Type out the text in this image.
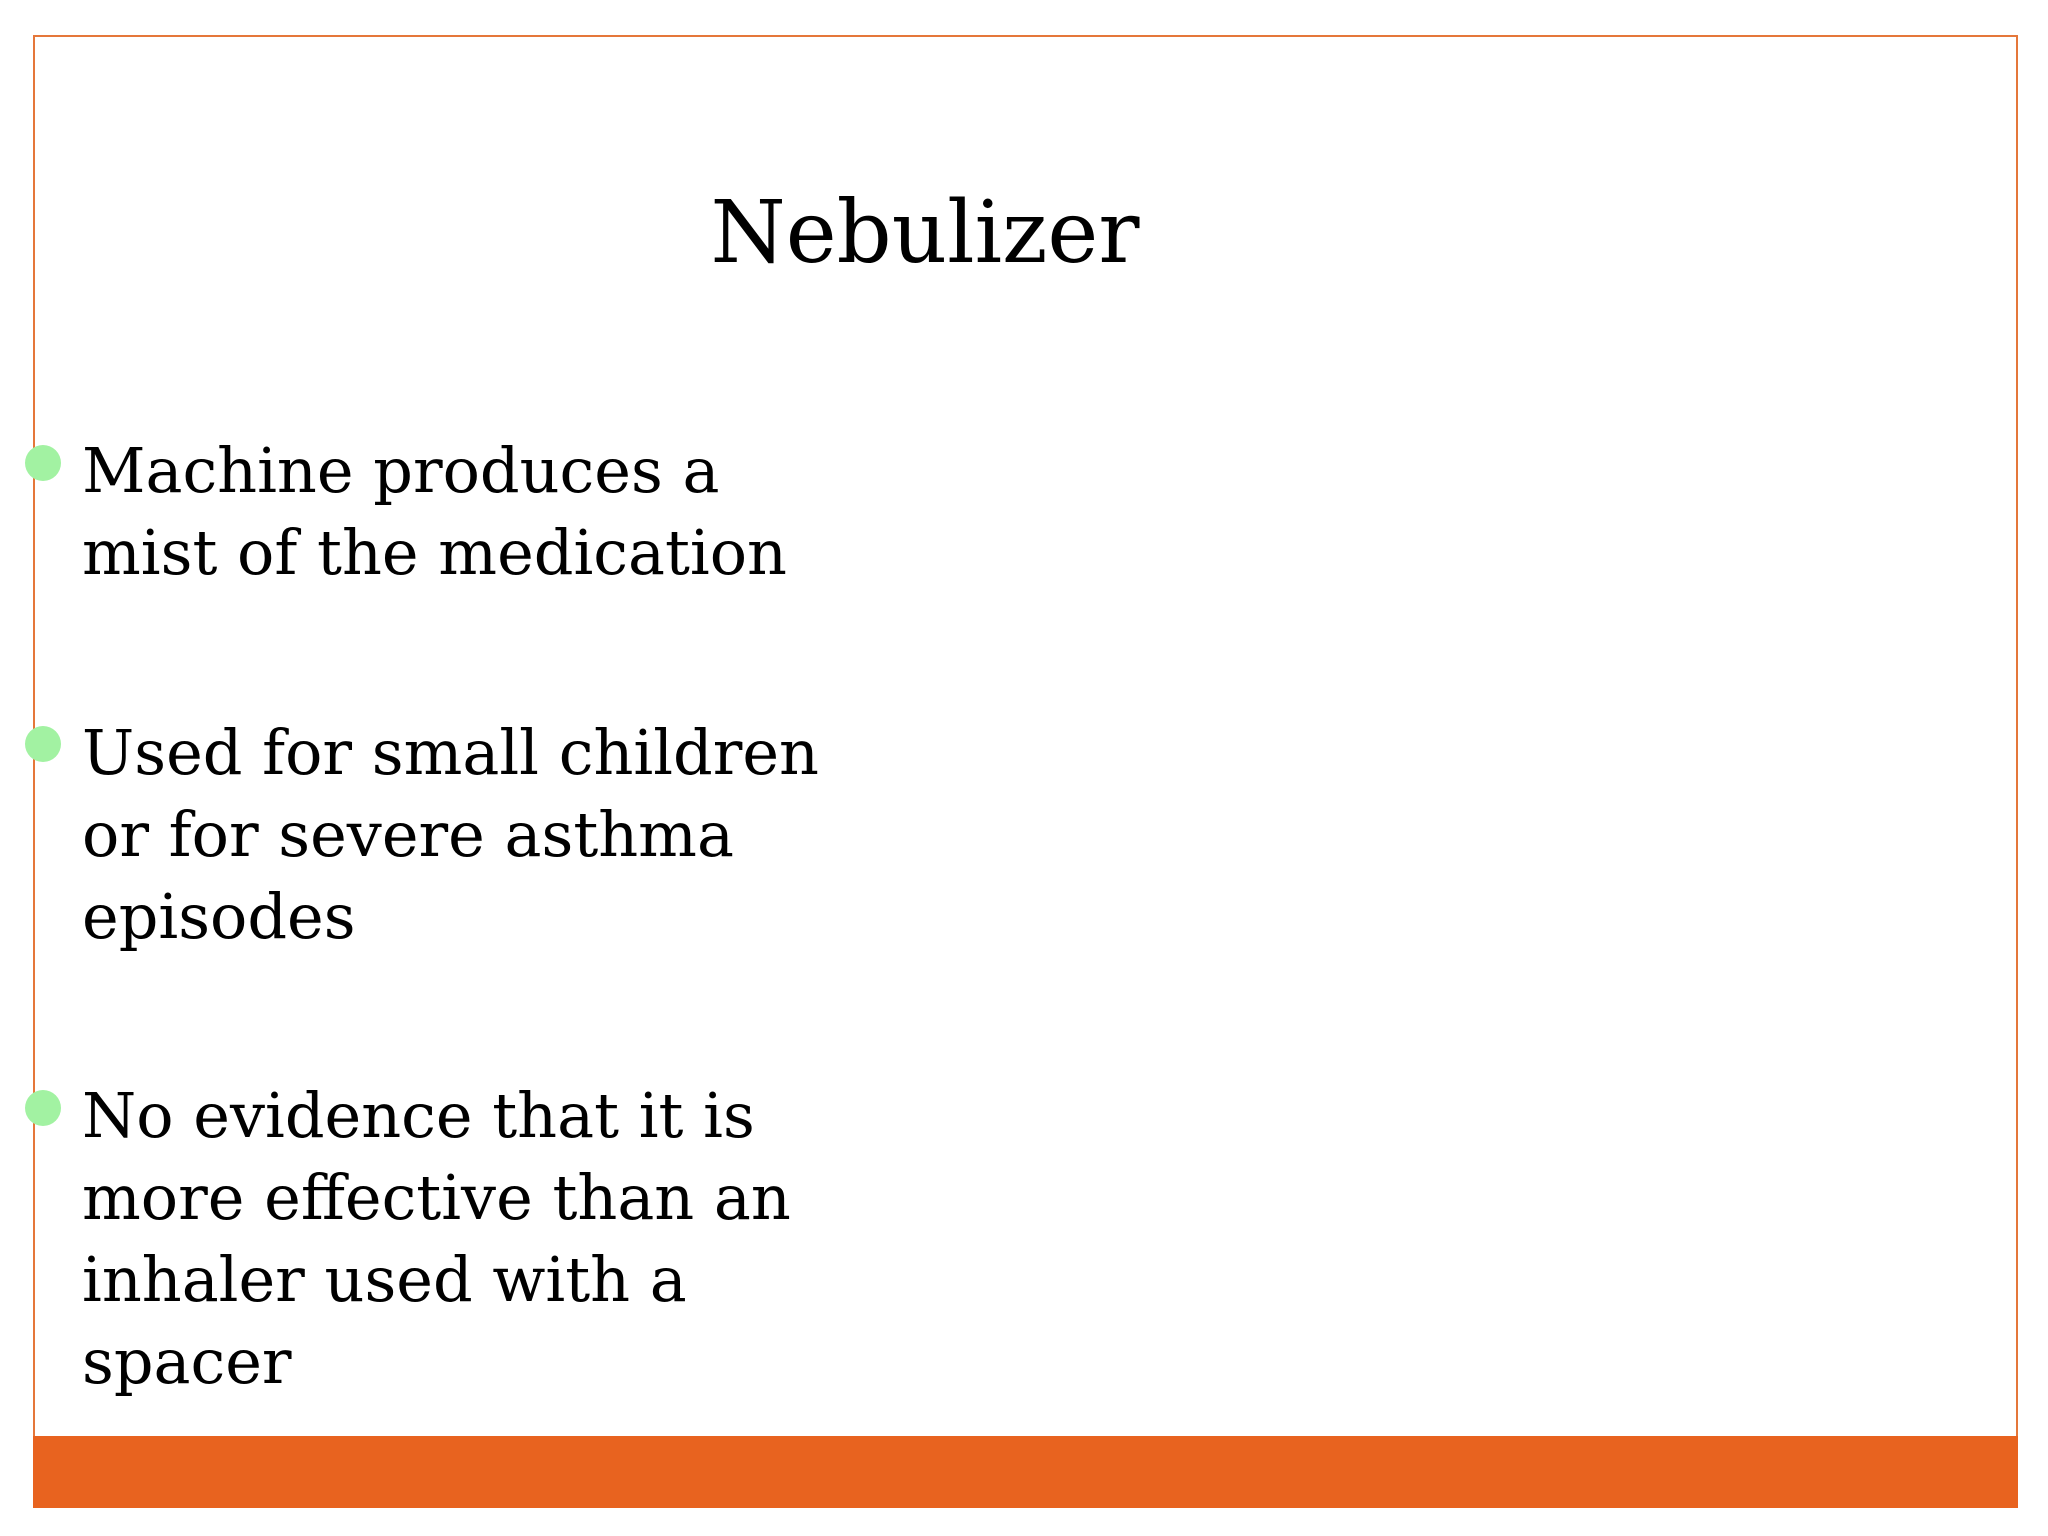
Nebulizer
Machine produces a mist of the medication
Used for small children or for severe asthma episodes
No evidence that it is more effective than an inhaler used with a spacer
